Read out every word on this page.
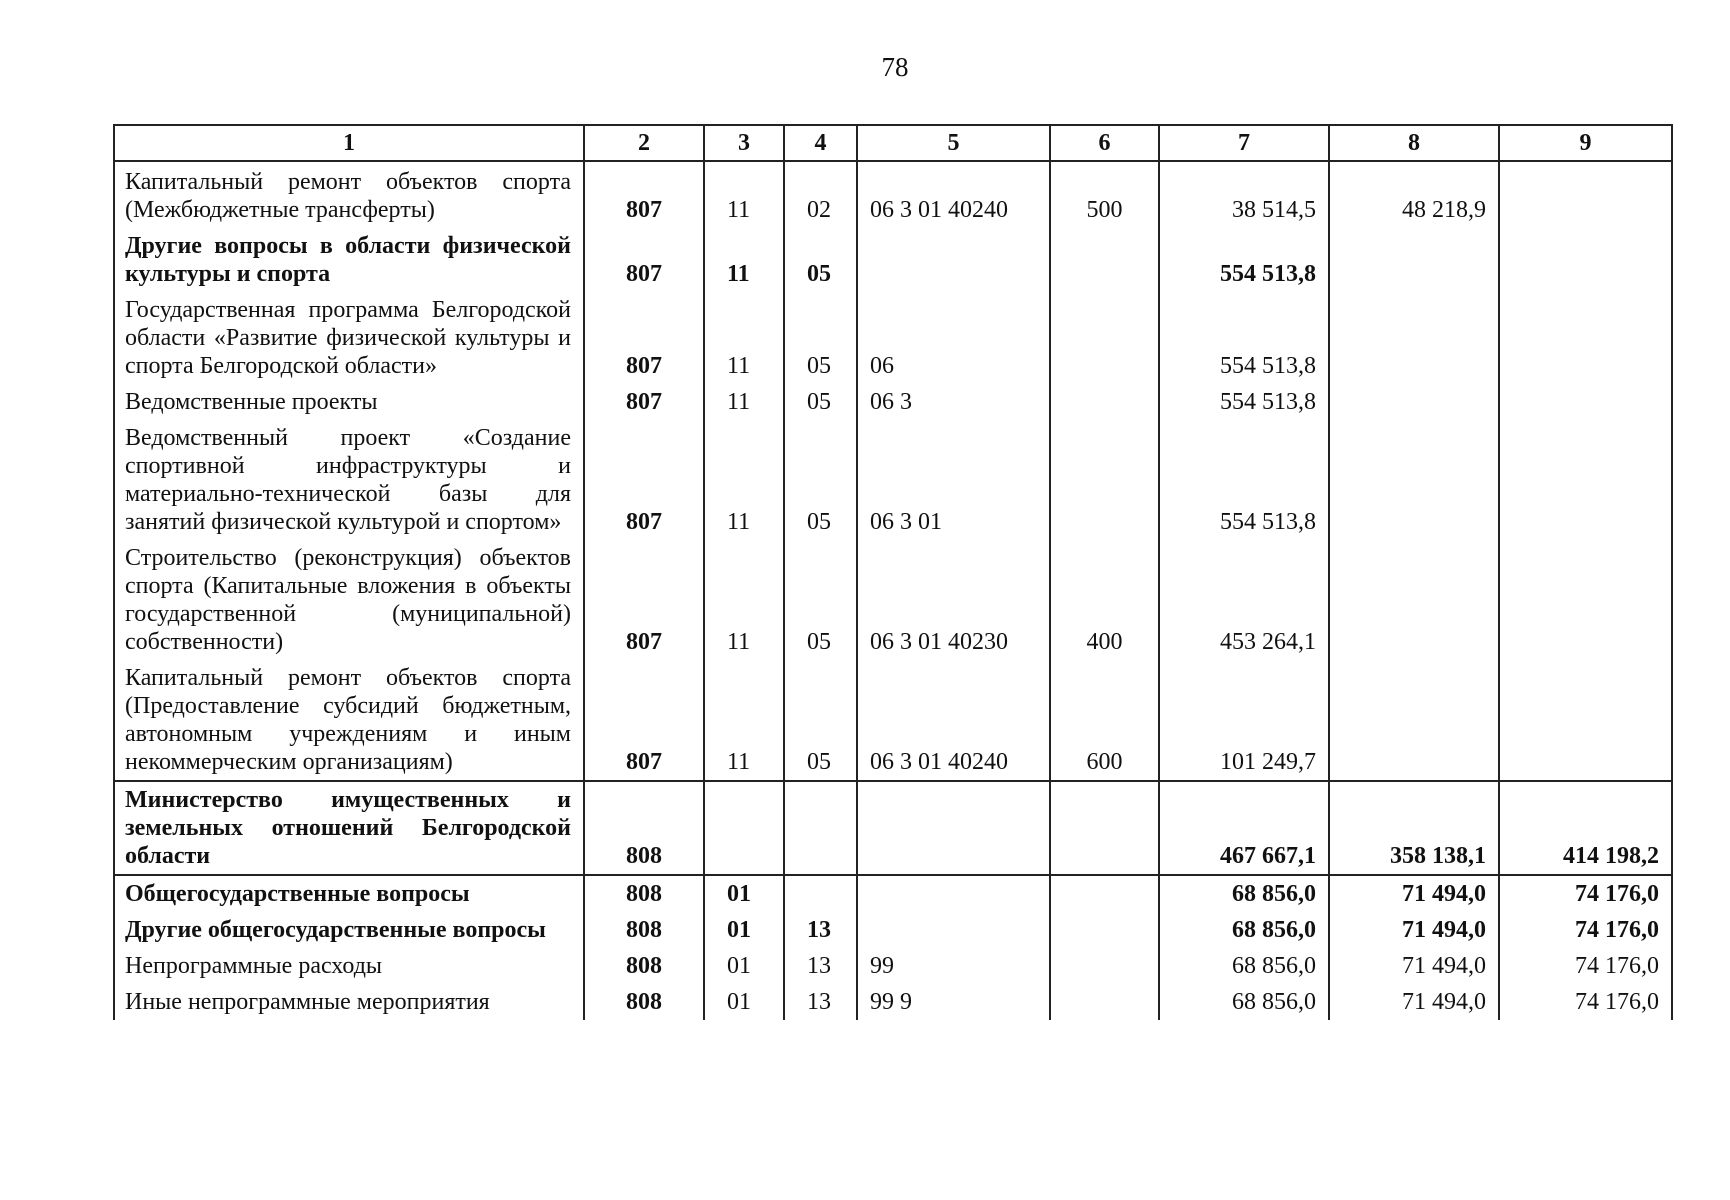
78
1	2	3	4	5	6	7	8	9
Капитальный ремонт объектов спорта (Межбюджетные трансферты)	807	11	02	06 3 01 40240	500	38 514,5	48 218,9	
Другие вопросы в области физической культуры и спорта	807	11	05			554 513,8		
Государственная программа Белгородской области «Развитие физической культуры и спорта Белгородской области»	807	11	05	06		554 513,8		
Ведомственные проекты	807	11	05	06 3		554 513,8		
Ведомственный проект «Создание спортивной инфраструктуры и материально-технической базы для занятий физической культурой и спортом»	807	11	05	06 3 01		554 513,8		
Строительство (реконструкция) объектов спорта (Капитальные вложения в объекты государственной (муниципальной) собственности)	807	11	05	06 3 01 40230	400	453 264,1		
Капитальный ремонт объектов спорта (Предоставление субсидий бюджетным, автономным учреждениям и иным некоммерческим организациям)	807	11	05	06 3 01 40240	600	101 249,7		
Министерство имущественных и земельных отношений Белгородской области	808					467 667,1	358 138,1	414 198,2
Общегосударственные вопросы	808	01				68 856,0	71 494,0	74 176,0
Другие общегосударственные вопросы	808	01	13			68 856,0	71 494,0	74 176,0
Непрограммные расходы	808	01	13	99		68 856,0	71 494,0	74 176,0
Иные непрограммные мероприятия	808	01	13	99 9		68 856,0	71 494,0	74 176,0
